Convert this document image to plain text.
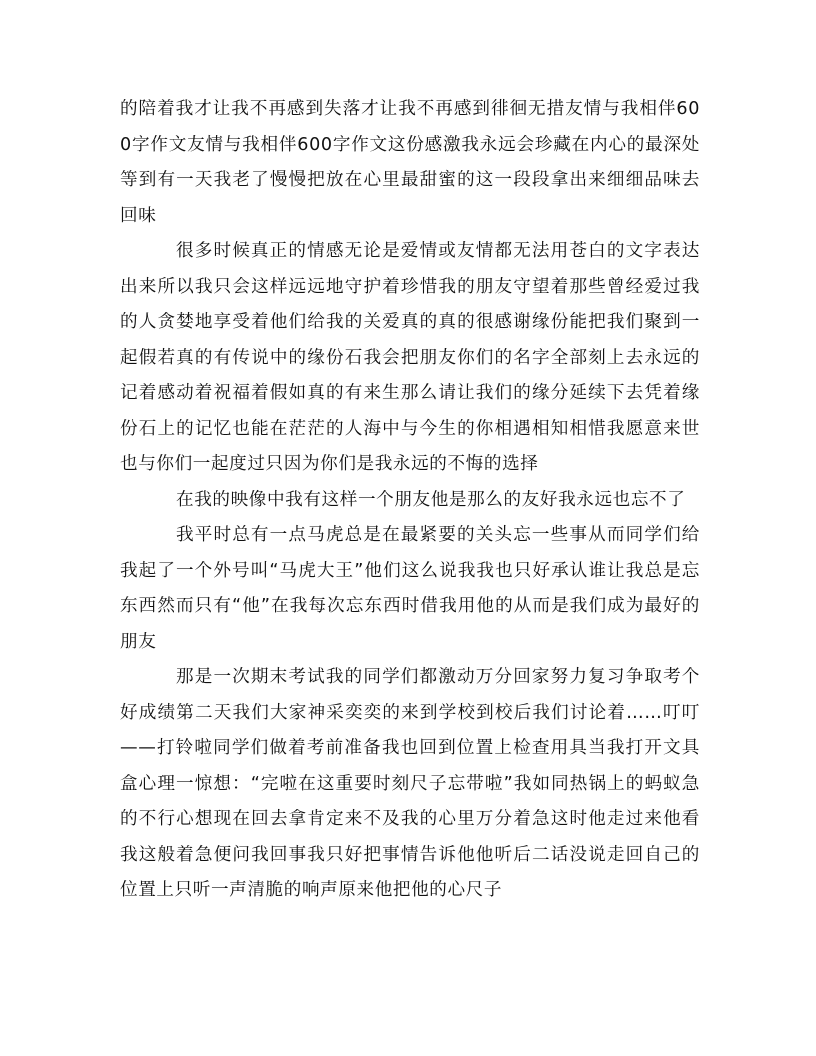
的陪着我才让我不再感到失落才让我不再感到徘徊无措友情与我相伴600字作文友情与我相伴600字作文这份感激我永远会珍藏在内心的最深处等到有一天我老了慢慢把放在心里最甜蜜的这一段段拿出来细细品味去回味

很多时候真正的情感无论是爱情或友情都无法用苍白的文字表达出来所以我只会这样远远地守护着珍惜我的朋友守望着那些曾经爱过我的人贪婪地享受着他们给我的关爱真的真的很感谢缘份能把我们聚到一起假若真的有传说中的缘份石我会把朋友你们的名字全部刻上去永远的记着感动着祝福着假如真的有来生那么请让我们的缘分延续下去凭着缘份石上的记忆也能在茫茫的人海中与今生的你相遇相知相惜我愿意来世也与你们一起度过只因为你们是我永远的不悔的选择

在我的映像中我有这样一个朋友他是那么的友好我永远也忘不了

我平时总有一点马虎总是在最紧要的关头忘一些事从而同学们给我起了一个外号叫“马虎大王”他们这么说我我也只好承认谁让我总是忘东西然而只有“他”在我每次忘东西时借我用他的从而是我们成为最好的朋友

那是一次期末考试我的同学们都激动万分回家努力复习争取考个好成绩第二天我们大家神采奕奕的来到学校到校后我们讨论着……叮叮——打铃啦同学们做着考前准备我也回到位置上检查用具当我打开文具盒心理一惊想：“完啦在这重要时刻尺子忘带啦”我如同热锅上的蚂蚁急的不行心想现在回去拿肯定来不及我的心里万分着急这时他走过来他看我这般着急便问我回事我只好把事情告诉他他听后二话没说走回自己的位置上只听一声清脆的响声原来他把他的心尺子
